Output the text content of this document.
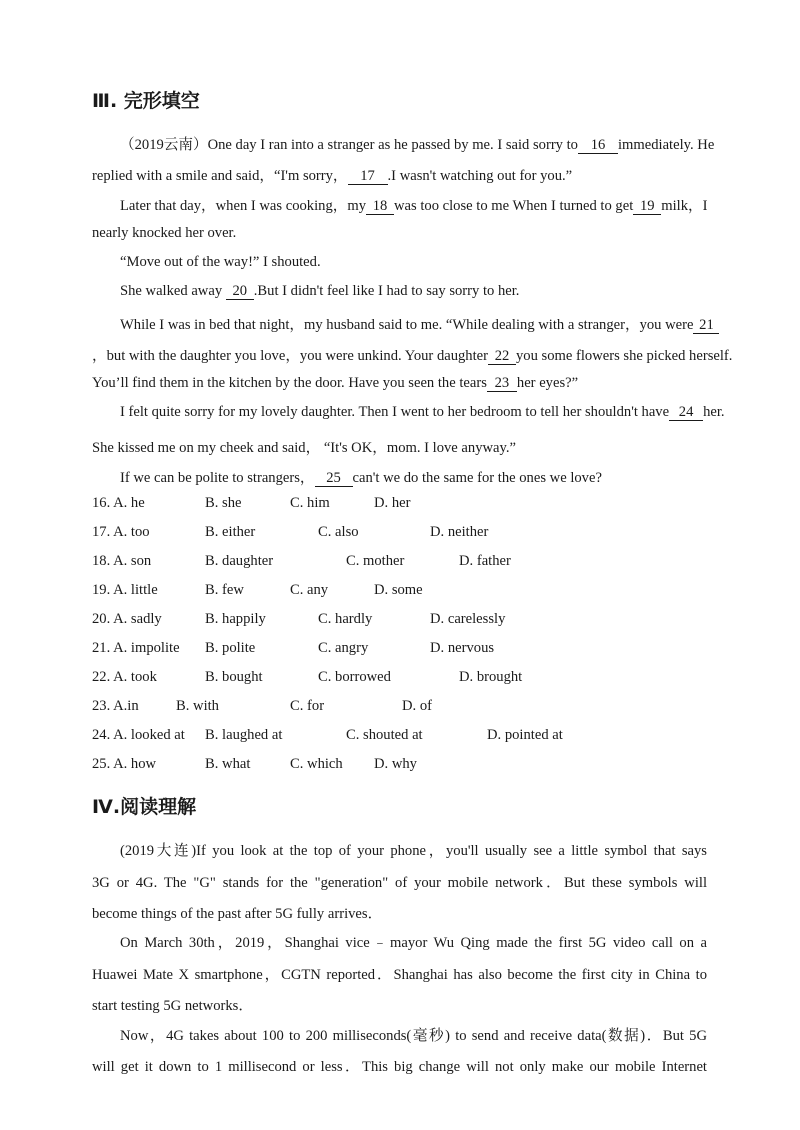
Ⅲ. 完形填空
（2019云南）One day I ran into a stranger as he passed by me. I said sorry to 16 immediately. He
replied with a smile and said，“I'm sorry， 17 .I wasn't watching out for you.”
Later that day，when I was cooking，my 18 was too close to me When I turned to get 19 milk，I
nearly knocked her over.
“Move out of the way!” I shouted.
She walked away 20 .But I didn't feel like I had to say sorry to her.
While I was in bed that night，my husband said to me. “While dealing with a stranger，you were 21
，but with the daughter you love，you were unkind. Your daughter 22 you some flowers she picked herself.
You’ll find them in the kitchen by the door. Have you seen the tears 23 her eyes?”
I felt quite sorry for my lovely daughter. Then I went to her bedroom to tell her shouldn't have 24 her.
She kissed me on my cheek and said， “It's OK，mom. I love anyway.”
If we can be polite to strangers， 25 can't we do the same for the ones we love?
16. A. he	B. she	C. him	D. her
17. A. too	B. either	C. also	D. neither
18. A. son	B. daughter	C. mother	D. father
19. A. little	B. few	C. any	D. some
20. A. sadly	B. happily	C. hardly	D. carelessly
21. A. impolite B. polite	C. angry	D. nervous
22. A. took	B. bought	C. borrowed	D. brought
23. A.in	B. with	C. for	D. of
24. A. looked at B. laughed at	C. shouted at	D. pointed at
25. A. how	B. what	C. which D. why
Ⅳ.阅读理解
(2019大连)If you look at the top of your phone，you'll usually see a little symbol that says
3G or 4G. The "G" stands for the "generation" of your mobile network．But these symbols will
become things of the past after 5G fully arrives．
On March 30th，2019，Shanghai vice﹣mayor Wu Qing made the first 5G video call on a
Huawei Mate X smartphone，CGTN reported．Shanghai has also become the first city in China to
start testing 5G networks．
Now，4G takes about 100 to 200 milliseconds(毫秒) to send and receive data(数据)．But 5G
will get it down to 1 millisecond or less．This big change will not only make our mobile Internet
